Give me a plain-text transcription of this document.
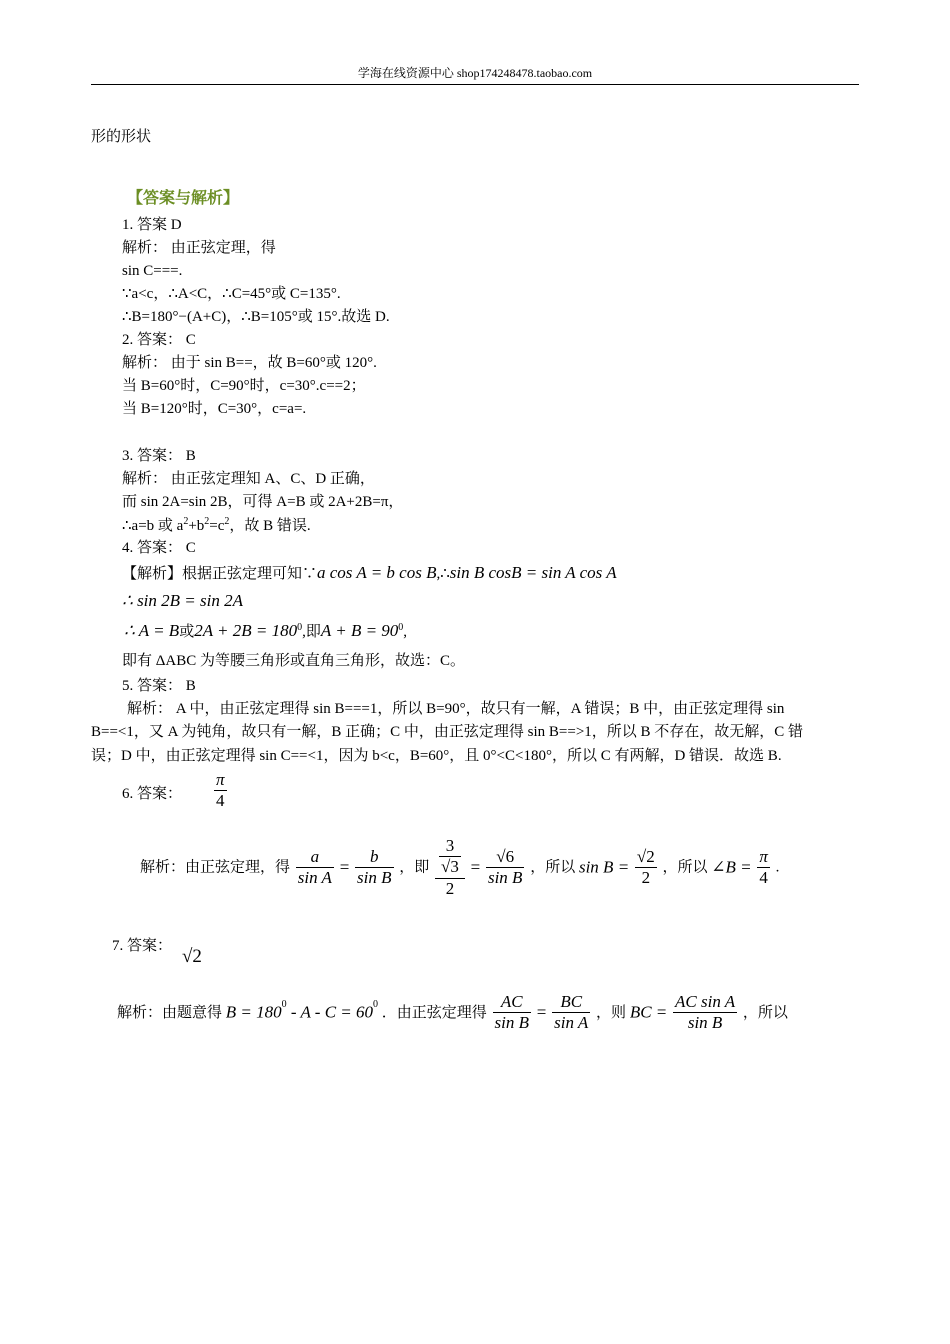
学海在线资源中心 shop174248478.taobao.com
形的形状
【答案与解析】
1. 答案 D
解析： 由正弦定理，得
sin C===.
∵a<c，∴A<C，∴C=45°或 C=135°.
∴B=180°−(A+C)，∴B=105°或 15°.故选 D.
2. 答案： C
解析： 由于 sin B==，故 B=60°或 120°.
当 B=60°时，C=90°时，c=30°.c==2；
当 B=120°时，C=30°，c=a=.
3. 答案： B
解析： 由正弦定理知 A、C、D 正确，
而 sin 2A=sin 2B，可得 A=B 或 2A+2B=π，
∴a=b 或 $a^2+b^2=c^2$，故 B 错误.
4. 答案： C
【解析】根据正弦定理可知∵a cos A = b cos B,∴sin B cosB = sin A cos A
∴ sin 2B = sin 2A
∴ A = B或$2A + 2B = 180^0$,即$A + B = 90^0$,
即有 ΔABC 为等腰三角形或直角三角形，故选：C。
5. 答案： B
解析： A 中，由正弦定理得 sin B===1，所以 B=90°，故只有一解，A 错误；B 中，由正弦定理得 sin
B==<1，又 A 为钝角，故只有一解，B 正确；C 中，由正弦定理得 sin B==>1，所以 B 不存在，故无解，C 错
误；D 中，由正弦定理得 sin C==<1，因为 b<c，B=60°，且 0°<C<180°，所以 C 有两解，D 错误．故选 B.
6. 答案： $\frac{\pi}{4}$
解析：由正弦定理，得 $\frac{a}{\text{sin A}} = \frac{b}{\text{sin B}}$ ，即 $\frac{\frac{3}{√3}}{2} = \frac{√6}{\text{sin B}}$ ，所以 $\sin B = \frac{√2}{2}$ ，所以 ∠B = $\frac{\pi}{4}$ .
7. 答案： √2
解析：由题意得 $B = 180^0 - A - C = 60^0$ ．由正弦定理得 $\frac{AC}{\text{sin B}} = \frac{BC}{\text{sin A}}$ ，则 BC = $\frac{\text{AC sin A}}{\text{sin B}}$ ，所以
